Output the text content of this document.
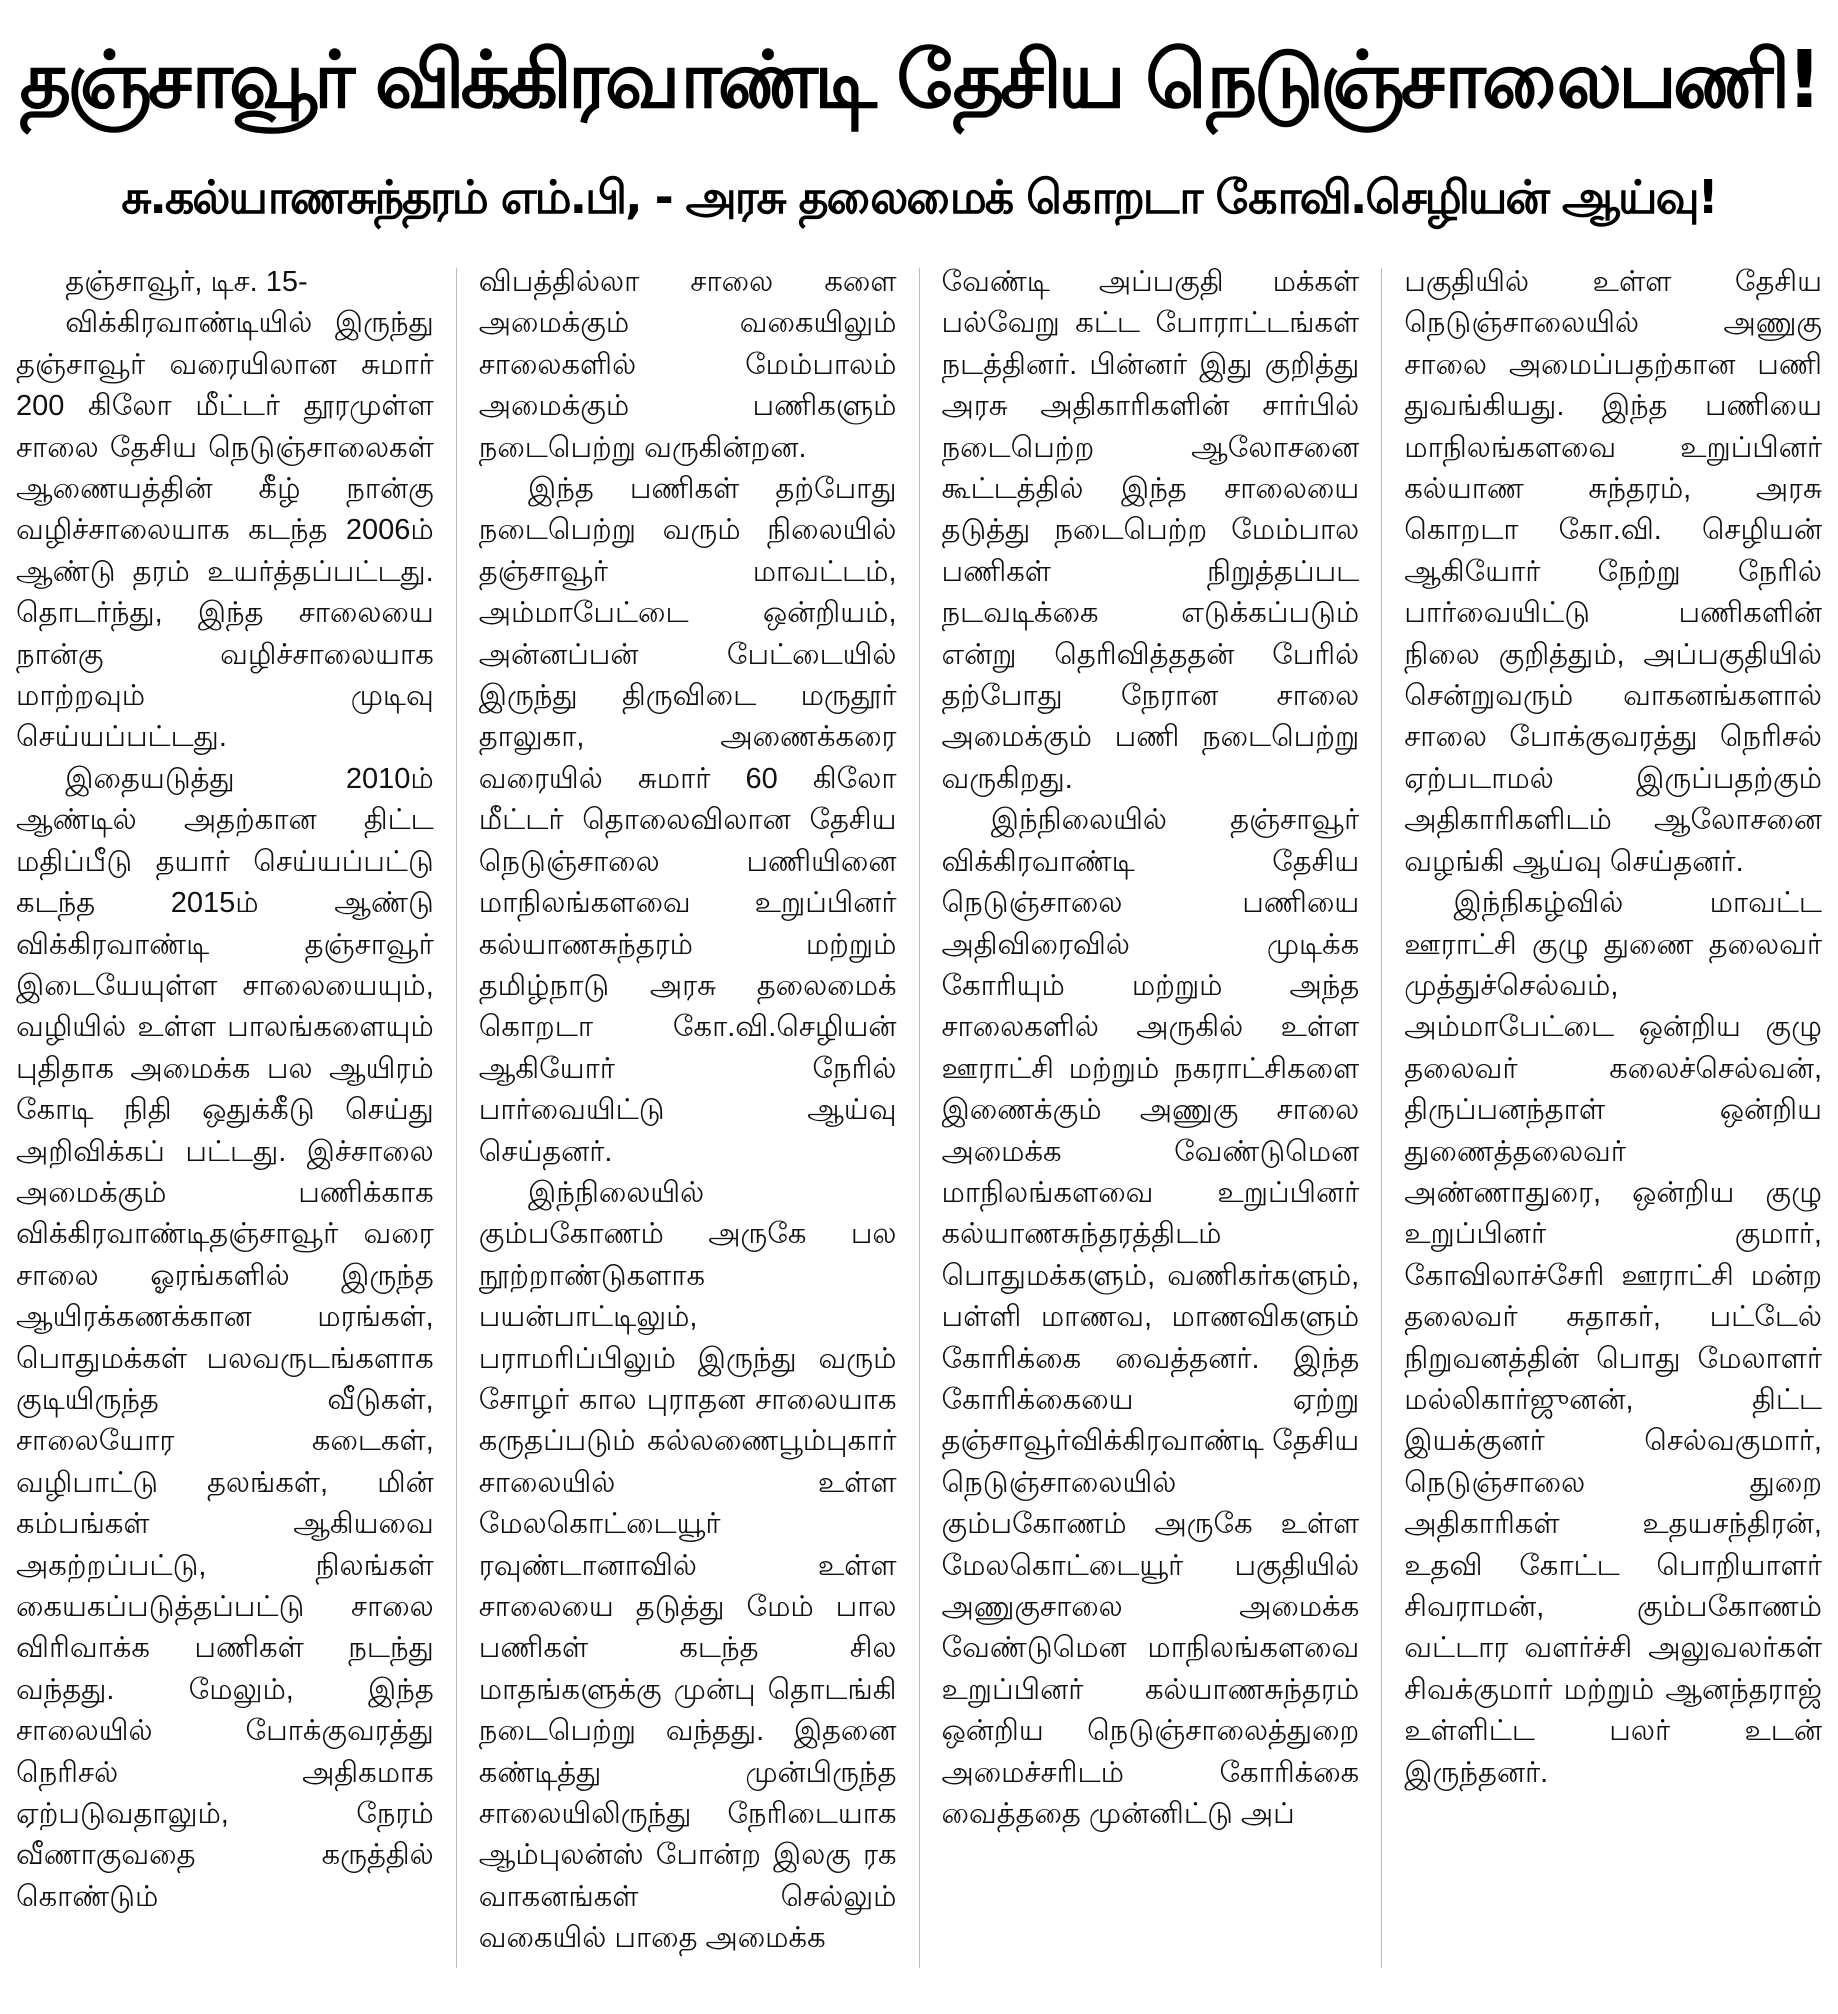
தஞ்சாவூர் விக்கிரவாண்டி தேசிய நெடுஞ்சாலைபணி!
சு.கல்யாணசுந்தரம் எம்.பி, - அரசு தலைமைக் கொறடா கோவி.செழியன் ஆய்வு!

தஞ்சாவூர், டிச. 15-

விக்கிரவாண்டியில் இருந்து தஞ்சாவூர் வரையிலான சுமார் 200 கிலோ மீட்டர் தூரமுள்ள சாலை தேசிய நெடுஞ்சாலைகள் ஆணையத்தின் கீழ் நான்கு வழிச்சாலையாக கடந்த 2006ம் ஆண்டு தரம் உயர்த்தப்பட்டது. தொடர்ந்து, இந்த சாலையை நான்கு வழிச்சாலையாக மாற்றவும் முடிவு செய்யப்பட்டது.

இதையடுத்து 2010ம் ஆண்டில் அதற்கான திட்ட மதிப்பீடு தயார் செய்யப்பட்டு கடந்த 2015ம் ஆண்டு விக்கிரவாண்டி தஞ்சாவூர் இடையேயுள்ள சாலையையும், வழியில் உள்ள பாலங்களையும் புதிதாக அமைக்க பல ஆயிரம் கோடி நிதி ஒதுக்கீடு செய்து அறிவிக்கப் பட்டது. இச்சாலை அமைக்கும் பணிக்காக விக்கிரவாண்டிதஞ்சாவூர் வரை சாலை ஓரங்களில் இருந்த ஆயிரக்கணக்கான மரங்கள், பொதுமக்கள் பலவருடங்களாக குடியிருந்த வீடுகள், சாலையோர கடைகள், வழிபாட்டு தலங்கள், மின் கம்பங்கள் ஆகியவை அகற்றப்பட்டு, நிலங்கள் கையகப்படுத்தப்பட்டு சாலை விரிவாக்க பணிகள் நடந்து வந்தது. மேலும், இந்த சாலையில் போக்குவரத்து நெரிசல் அதிகமாக ஏற்படுவதாலும், நேரம் வீணாகுவதை கருத்தில் கொண்டும்

விபத்தில்லா சாலை களை அமைக்கும் வகையிலும் சாலைகளில் மேம்பாலம் அமைக்கும் பணிகளும் நடைபெற்று வருகின்றன.

இந்த பணிகள் தற்போது நடைபெற்று வரும் நிலையில் தஞ்சாவூர் மாவட்டம், அம்மாபேட்டை ஒன்றியம், அன்னப்பன் பேட்டையில் இருந்து திருவிடை மருதூர் தாலுகா, அணைக்கரை வரையில் சுமார் 60 கிலோ மீட்டர் தொலைவிலான தேசிய நெடுஞ்சாலை பணியினை மாநிலங்களவை உறுப்பினர் கல்யாணசுந்தரம் மற்றும் தமிழ்நாடு அரசு தலைமைக் கொறடா கோ.வி.செழியன் ஆகியோர் நேரில் பார்வையிட்டு ஆய்வு செய்தனர்.

இந்நிலையில் கும்பகோணம் அருகே பல நூற்றாண்டுகளாக பயன்பாட்டிலும், பராமரிப்பிலும் இருந்து வரும் சோழர் கால புராதன சாலையாக கருதப்படும் கல்லணைபூம்புகார் சாலையில் உள்ள மேலகொட்டையூர் ரவுண்டானாவில் உள்ள சாலையை தடுத்து மேம் பால பணிகள் கடந்த சில மாதங்களுக்கு முன்பு தொடங்கி நடைபெற்று வந்தது. இதனை கண்டித்து முன்பிருந்த சாலையிலிருந்து நேரிடையாக ஆம்புலன்ஸ் போன்ற இலகு ரக வாகனங்கள் செல்லும் வகையில் பாதை அமைக்க

வேண்டி அப்பகுதி மக்கள் பல்வேறு கட்ட போராட்டங்கள் நடத்தினர். பின்னர் இது குறித்து அரசு அதிகாரிகளின் சார்பில் நடைபெற்ற ஆலோசனை கூட்டத்தில் இந்த சாலையை தடுத்து நடைபெற்ற மேம்பால பணிகள் நிறுத்தப்பட நடவடிக்கை எடுக்கப்படும் என்று தெரிவித்ததன் பேரில் தற்போது நேரான சாலை அமைக்கும் பணி நடைபெற்று வருகிறது.

இந்நிலையில் தஞ்சாவூர் விக்கிரவாண்டி தேசிய நெடுஞ்சாலை பணியை அதிவிரைவில் முடிக்க கோரியும் மற்றும் அந்த சாலைகளில் அருகில் உள்ள ஊராட்சி மற்றும் நகராட்சிகளை இணைக்கும் அணுகு சாலை அமைக்க வேண்டுமென மாநிலங்களவை உறுப்பினர் கல்யாணசுந்தரத்திடம் பொதுமக்களும், வணிகர்களும், பள்ளி மாணவ, மாணவிகளும் கோரிக்கை வைத்தனர். இந்த கோரிக்கையை ஏற்று தஞ்சாவூர்விக்கிரவாண்டி தேசிய நெடுஞ்சாலையில் கும்பகோணம் அருகே உள்ள மேலகொட்டையூர் பகுதியில் அணுகுசாலை அமைக்க வேண்டுமென மாநிலங்களவை உறுப்பினர் கல்யாணசுந்தரம் ஒன்றிய நெடுஞ்சாலைத்துறை அமைச்சரிடம் கோரிக்கை வைத்ததை முன்னிட்டு அப்

பகுதியில் உள்ள தேசிய நெடுஞ்சாலையில் அணுகு சாலை அமைப்பதற்கான பணி துவங்கியது. இந்த பணியை மாநிலங்களவை உறுப்பினர் கல்யாண சுந்தரம், அரசு கொறடா கோ.வி. செழியன் ஆகியோர் நேற்று நேரில் பார்வையிட்டு பணிகளின் நிலை குறித்தும், அப்பகுதியில் சென்றுவரும் வாகனங்களால் சாலை போக்குவரத்து நெரிசல் ஏற்படாமல் இருப்பதற்கும் அதிகாரிகளிடம் ஆலோசனை வழங்கி ஆய்வு செய்தனர்.

இந்நிகழ்வில் மாவட்ட ஊராட்சி குழு துணை தலைவர் முத்துச்செல்வம், அம்மாபேட்டை ஒன்றிய குழு தலைவர் கலைச்செல்வன், திருப்பனந்தாள் ஒன்றிய துணைத்தலைவர் அண்ணாதுரை, ஒன்றிய குழு உறுப்பினர் குமார், கோவிலாச்சேரி ஊராட்சி மன்ற தலைவர் சுதாகர், பட்டேல் நிறுவனத்தின் பொது மேலாளர் மல்லிகார்ஜுனன், திட்ட இயக்குனர் செல்வகுமார், நெடுஞ்சாலை துறை அதிகாரிகள் உதயசந்திரன், உதவி கோட்ட பொறியாளர் சிவராமன், கும்பகோணம் வட்டார வளர்ச்சி அலுவலர்கள் சிவக்குமார் மற்றும் ஆனந்தராஜ் உள்ளிட்ட பலர் உடன் இருந்தனர்.
